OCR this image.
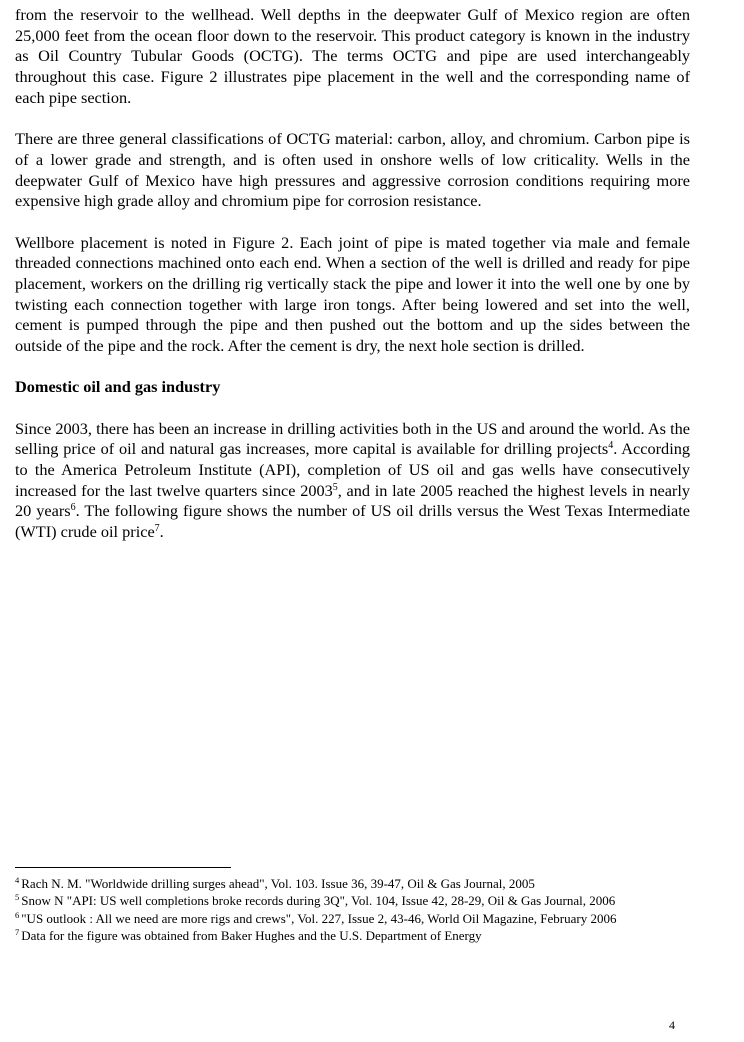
from the reservoir to the wellhead. Well depths in the deepwater Gulf of Mexico region are often 25,000 feet from the ocean floor down to the reservoir. This product category is known in the industry as Oil Country Tubular Goods (OCTG). The terms OCTG and pipe are used interchangeably throughout this case. Figure 2 illustrates pipe placement in the well and the corresponding name of each pipe section.

There are three general classifications of OCTG material: carbon, alloy, and chromium. Carbon pipe is of a lower grade and strength, and is often used in onshore wells of low criticality. Wells in the deepwater Gulf of Mexico have high pressures and aggressive corrosion conditions requiring more expensive high grade alloy and chromium pipe for corrosion resistance.

Wellbore placement is noted in Figure 2. Each joint of pipe is mated together via male and female threaded connections machined onto each end. When a section of the well is drilled and ready for pipe placement, workers on the drilling rig vertically stack the pipe and lower it into the well one by one by twisting each connection together with large iron tongs. After being lowered and set into the well, cement is pumped through the pipe and then pushed out the bottom and up the sides between the outside of the pipe and the rock. After the cement is dry, the next hole section is drilled.

Domestic oil and gas industry

Since 2003, there has been an increase in drilling activities both in the US and around the world. As the selling price of oil and natural gas increases, more capital is available for drilling projects$^4$. According to the America Petroleum Institute (API), completion of US oil and gas wells have consecutively increased for the last twelve quarters since 2003$^5$, and in late 2005 reached the highest levels in nearly 20 years$^6$. The following figure shows the number of US oil drills versus the West Texas Intermediate (WTI) crude oil price$^7$.

$^4$ Rach N. M. "Worldwide drilling surges ahead", Vol. 103. Issue 36, 39-47, Oil & Gas Journal, 2005

$^5$ Snow N "API: US well completions broke records during 3Q", Vol. 104, Issue 42, 28-29, Oil & Gas Journal, 2006

$^6$ "US outlook : All we need are more rigs and crews", Vol. 227, Issue 2, 43-46, World Oil Magazine, February 2006

$^7$ Data for the figure was obtained from Baker Hughes and the U.S. Department of Energy

4
